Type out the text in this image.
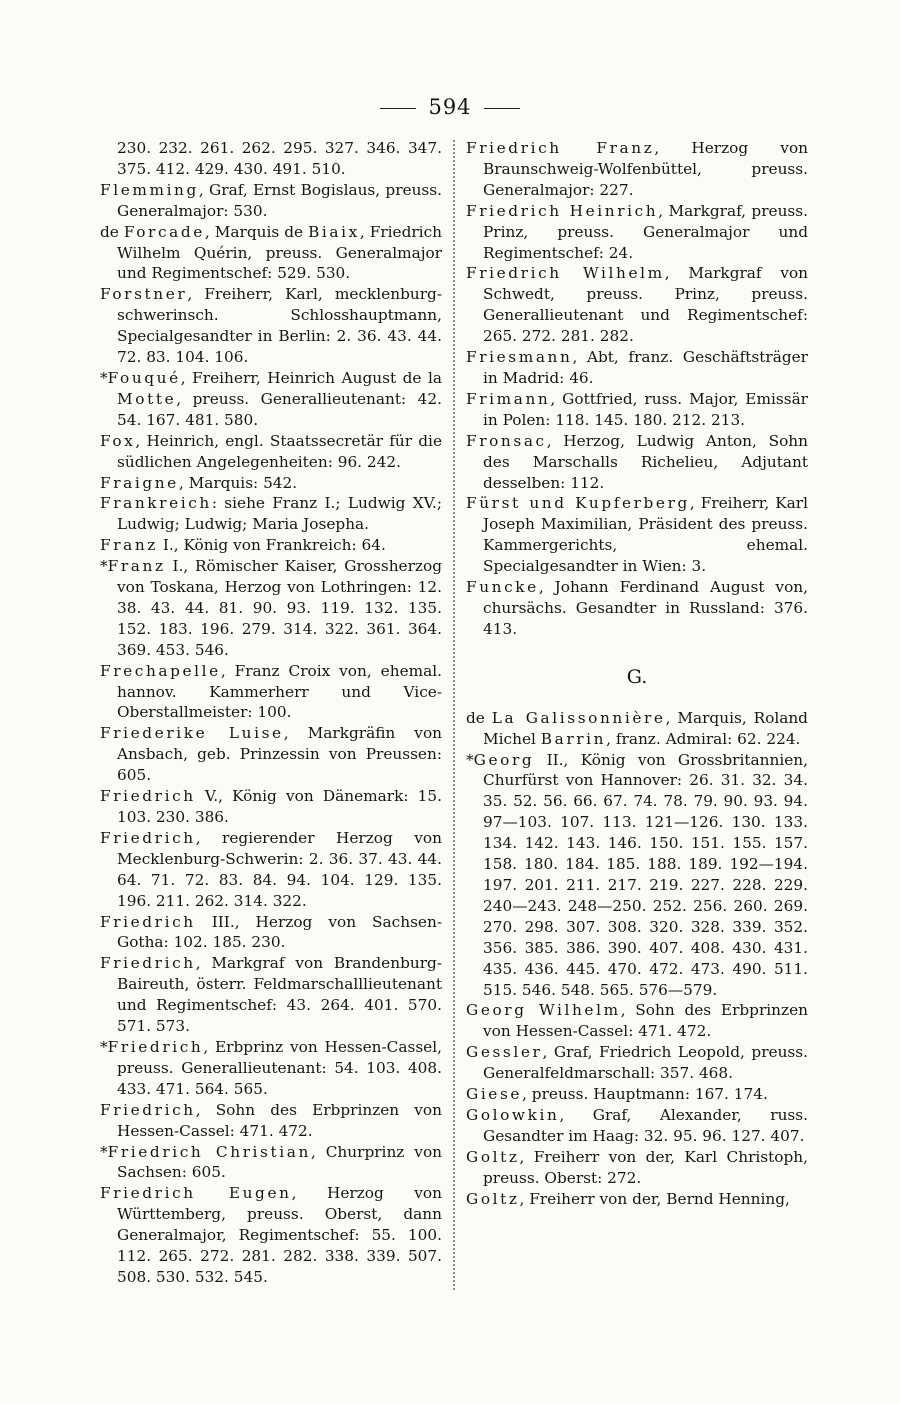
594

230. 232. 261. 262. 295. 327. 346. 347. 375. 412. 429. 430. 491. 510.

Flemming, Graf, Ernst Bogislaus, preuss. Generalmajor: 530.

de Forcade, Marquis de Biaix, Friedrich Wilhelm Quérin, preuss. Generalmajor und Regimentschef: 529. 530.

Forstner, Freiherr, Karl, mecklenburg-schwerinsch. Schlosshauptmann, Specialgesandter in Berlin: 2. 36. 43. 44. 72. 83. 104. 106.

*Fouqué, Freiherr, Heinrich August de la Motte, preuss. Generallieutenant: 42. 54. 167. 481. 580.

Fox, Heinrich, engl. Staatssecretär für die südlichen Angelegenheiten: 96. 242.

Fraigne, Marquis: 542.

Frankreich: siehe Franz I.; Ludwig XV.; Ludwig; Ludwig; Maria Josepha.

Franz I., König von Frankreich: 64.

*Franz I., Römischer Kaiser, Grossherzog von Toskana, Herzog von Lothringen: 12. 38. 43. 44. 81. 90. 93. 119. 132. 135. 152. 183. 196. 279. 314. 322. 361. 364. 369. 453. 546.

Frechapelle, Franz Croix von, ehemal. hannov. Kammerherr und Vice-Oberstallmeister: 100.

Friederike Luise, Markgräfin von Ansbach, geb. Prinzessin von Preussen: 605.

Friedrich V., König von Dänemark: 15. 103. 230. 386.

Friedrich, regierender Herzog von Mecklenburg-Schwerin: 2. 36. 37. 43. 44. 64. 71. 72. 83. 84. 94. 104. 129. 135. 196. 211. 262. 314. 322.

Friedrich III., Herzog von Sachsen-Gotha: 102. 185. 230.

Friedrich, Markgraf von Brandenburg-Baireuth, österr. Feldmarschalllieutenant und Regimentschef: 43. 264. 401. 570. 571. 573.

*Friedrich, Erbprinz von Hessen-Cassel, preuss. Generallieutenant: 54. 103. 408. 433. 471. 564. 565.

Friedrich, Sohn des Erbprinzen von Hessen-Cassel: 471. 472.

*Friedrich Christian, Churprinz von Sachsen: 605.

Friedrich Eugen, Herzog von Württemberg, preuss. Oberst, dann Generalmajor, Regimentschef: 55. 100. 112. 265. 272. 281. 282. 338. 339. 507. 508. 530. 532. 545.

Friedrich Franz, Herzog von Braunschweig-Wolfenbüttel, preuss. Generalmajor: 227.

Friedrich Heinrich, Markgraf, preuss. Prinz, preuss. Generalmajor und Regimentschef: 24.

Friedrich Wilhelm, Markgraf von Schwedt, preuss. Prinz, preuss. Generallieutenant und Regimentschef: 265. 272. 281. 282.

Friesmann, Abt, franz. Geschäftsträger in Madrid: 46.

Frimann, Gottfried, russ. Major, Emissär in Polen: 118. 145. 180. 212. 213.

Fronsac, Herzog, Ludwig Anton, Sohn des Marschalls Richelieu, Adjutant desselben: 112.

Fürst und Kupferberg, Freiherr, Karl Joseph Maximilian, Präsident des preuss. Kammergerichts, ehemal. Specialgesandter in Wien: 3.

Funcke, Johann Ferdinand August von, chursächs. Gesandter in Russland: 376. 413.

G.

de La Galissonnière, Marquis, Roland Michel Barrin, franz. Admiral: 62. 224.

*Georg II., König von Grossbritannien, Churfürst von Hannover: 26. 31. 32. 34. 35. 52. 56. 66. 67. 74. 78. 79. 90. 93. 94. 97—103. 107. 113. 121—126. 130. 133. 134. 142. 143. 146. 150. 151. 155. 157. 158. 180. 184. 185. 188. 189. 192—194. 197. 201. 211. 217. 219. 227. 228. 229. 240—243. 248—250. 252. 256. 260. 269. 270. 298. 307. 308. 320. 328. 339. 352. 356. 385. 386. 390. 407. 408. 430. 431. 435. 436. 445. 470. 472. 473. 490. 511. 515. 546. 548. 565. 576—579.

Georg Wilhelm, Sohn des Erbprinzen von Hessen-Cassel: 471. 472.

Gessler, Graf, Friedrich Leopold, preuss. Generalfeldmarschall: 357. 468.

Giese, preuss. Hauptmann: 167. 174.

Golowkin, Graf, Alexander, russ. Gesandter im Haag: 32. 95. 96. 127. 407.

Goltz, Freiherr von der, Karl Christoph, preuss. Oberst: 272.

Goltz, Freiherr von der, Bernd Henning,
